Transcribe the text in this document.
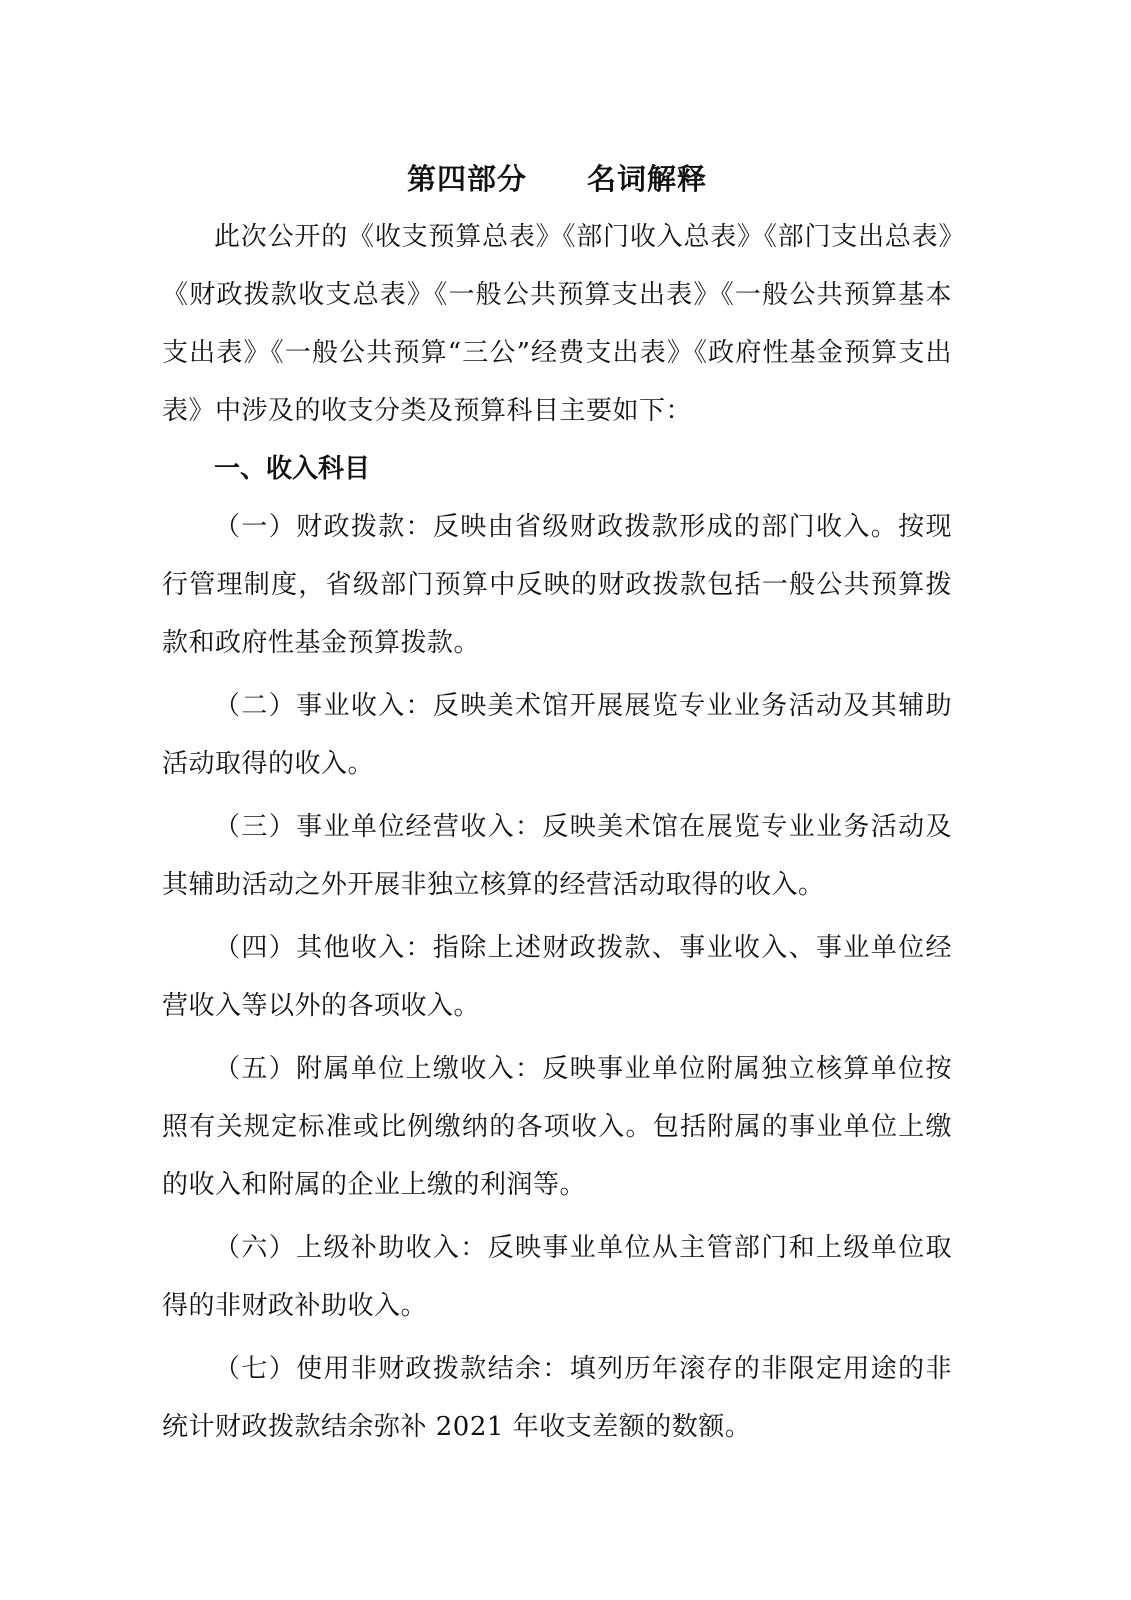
第四部分 名词解释

此次公开的《收支预算总表》《部门收入总表》《部门支出总表》《财政拨款收支总表》《一般公共预算支出表》《一般公共预算基本支出表》《一般公共预算“三公”经费支出表》《政府性基金预算支出表》中涉及的收支分类及预算科目主要如下：

一、收入科目

（一）财政拨款：反映由省级财政拨款形成的部门收入。按现行管理制度，省级部门预算中反映的财政拨款包括一般公共预算拨款和政府性基金预算拨款。

（二）事业收入：反映美术馆开展展览专业业务活动及其辅助活动取得的收入。

（三）事业单位经营收入：反映美术馆在展览专业业务活动及其辅助活动之外开展非独立核算的经营活动取得的收入。

（四）其他收入：指除上述财政拨款、事业收入、事业单位经营收入等以外的各项收入。

（五）附属单位上缴收入：反映事业单位附属独立核算单位按照有关规定标准或比例缴纳的各项收入。包括附属的事业单位上缴的收入和附属的企业上缴的利润等。

（六）上级补助收入：反映事业单位从主管部门和上级单位取得的非财政补助收入。

（七）使用非财政拨款结余：填列历年滚存的非限定用途的非统计财政拨款结余弥补 2021 年收支差额的数额。
